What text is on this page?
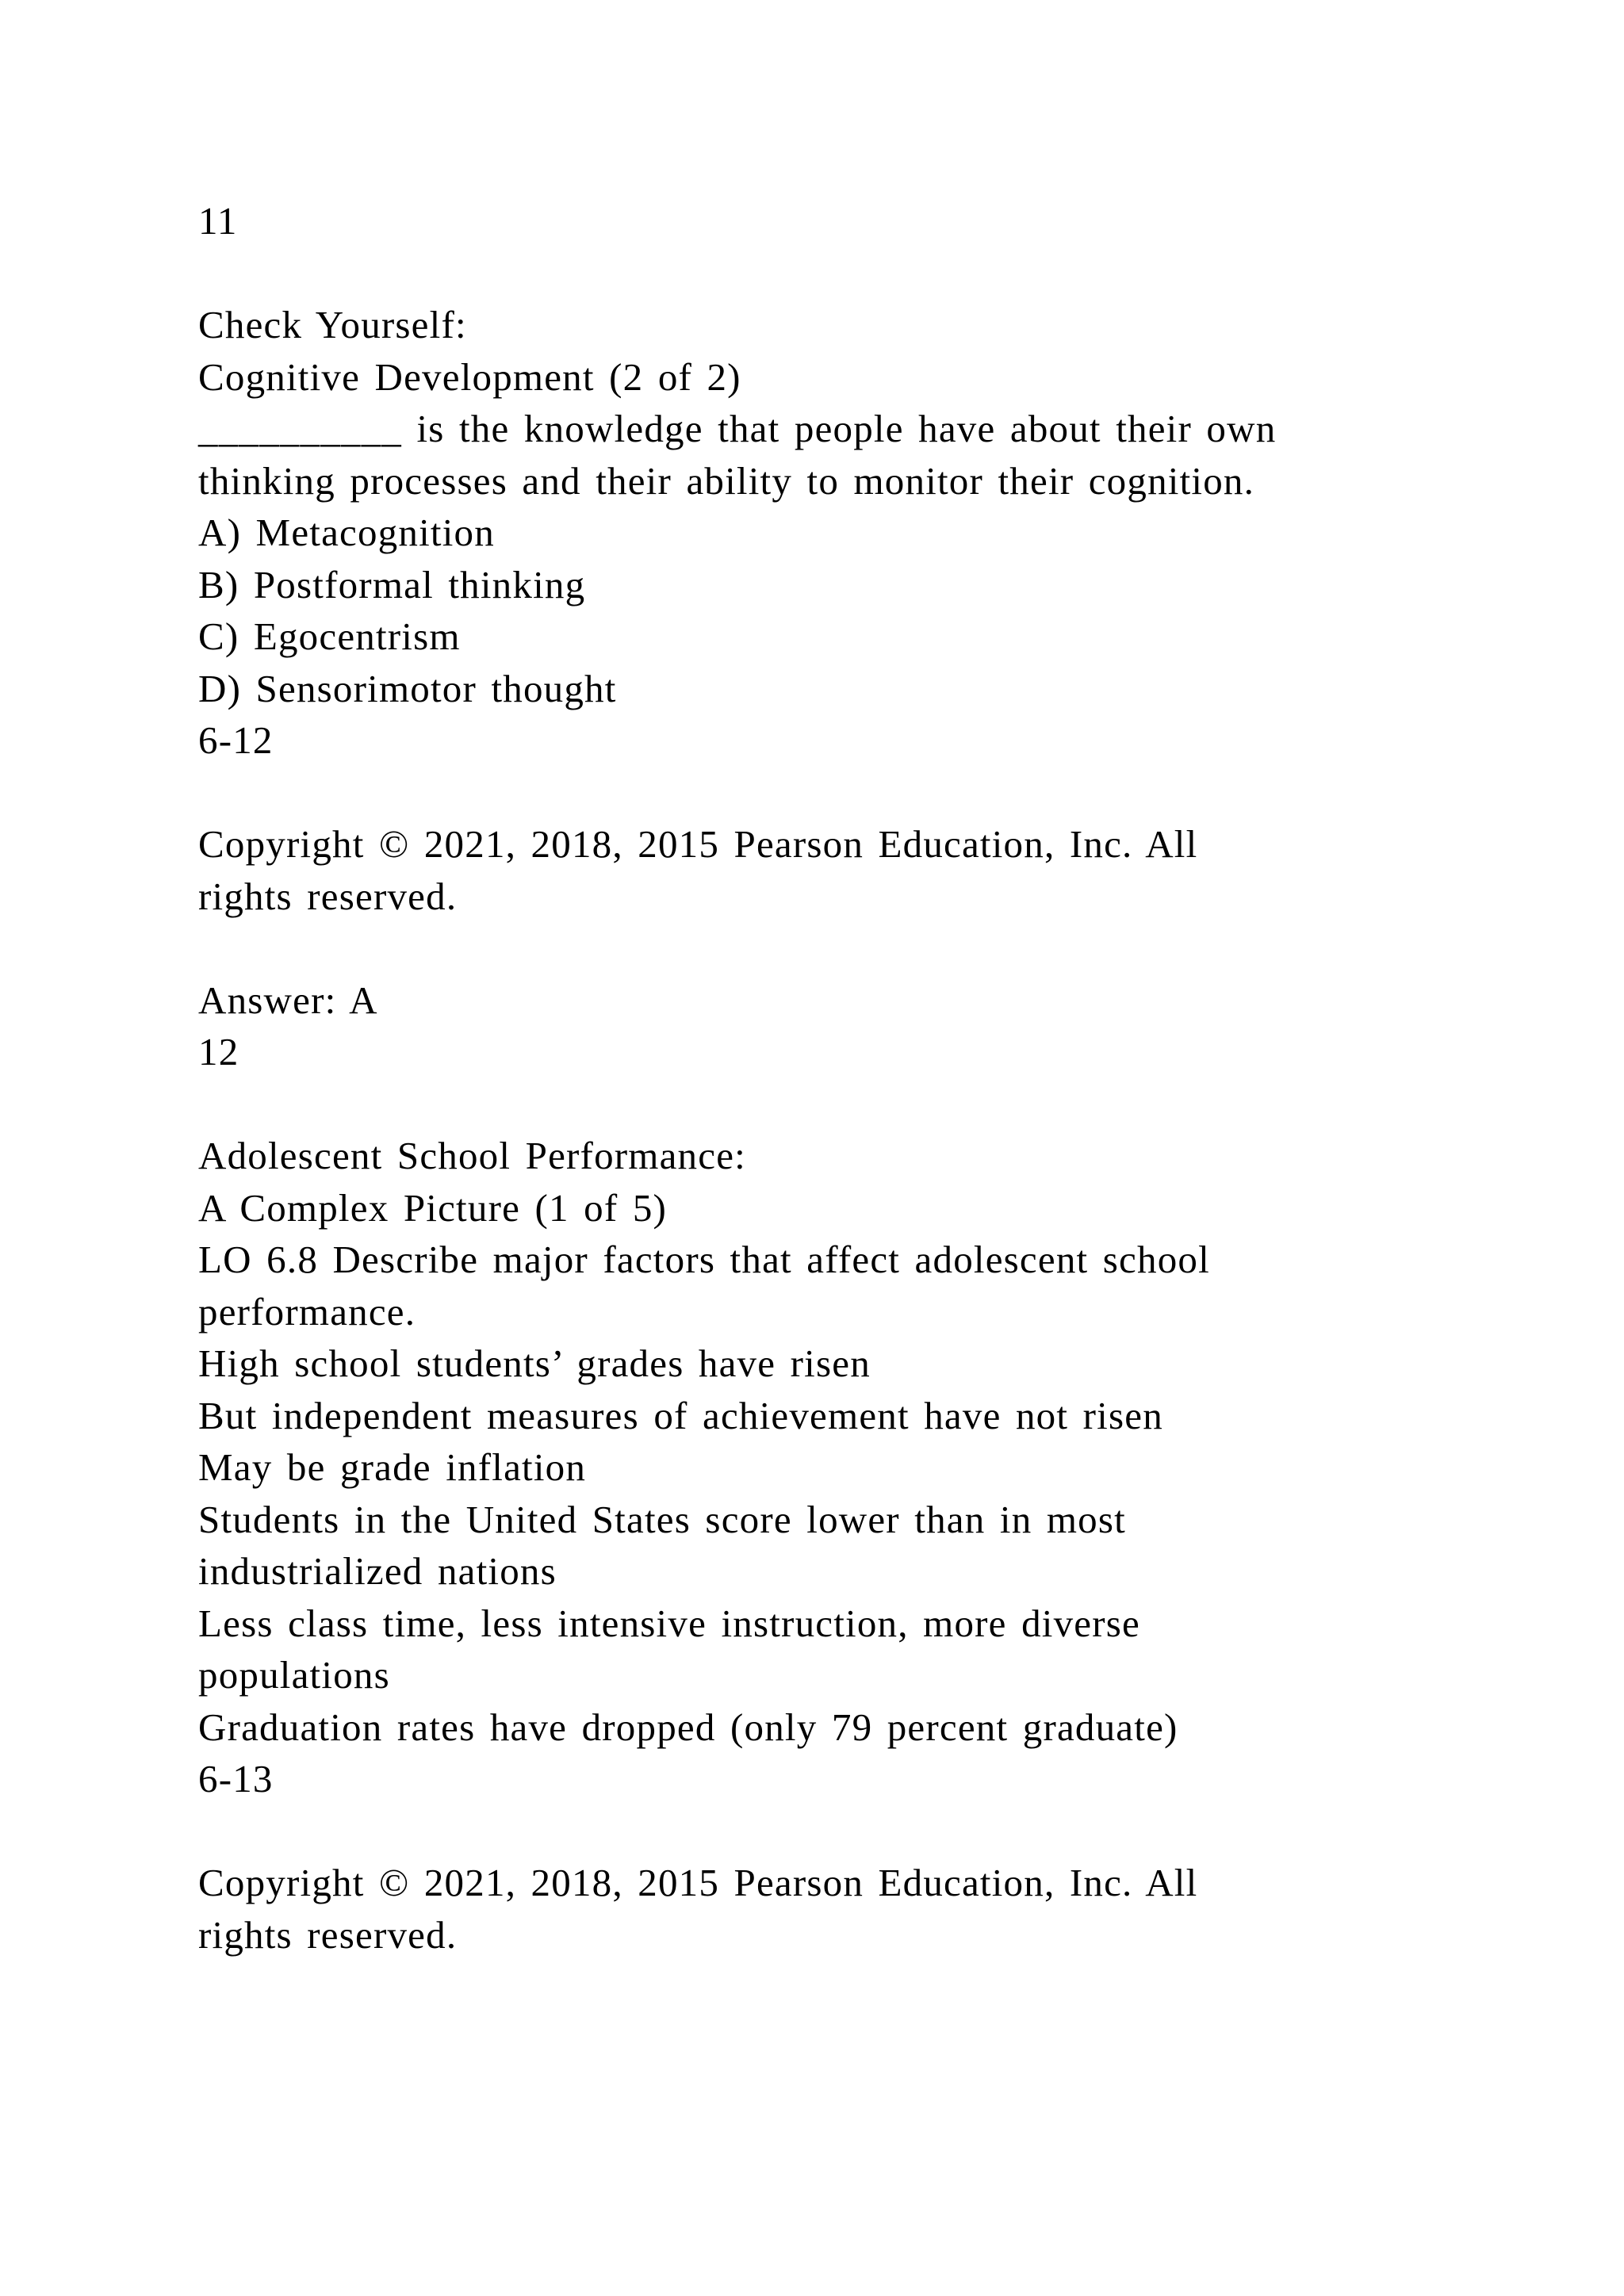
11
Check Yourself:
Cognitive Development (2 of 2)
__________ is the knowledge that people have about their own
thinking processes and their ability to monitor their cognition.
A) Metacognition
B) Postformal thinking
C) Egocentrism
D) Sensorimotor thought
6-12
Copyright © 2021, 2018, 2015 Pearson Education, Inc. All
rights reserved.
Answer: A
12
Adolescent School Performance:
A Complex Picture (1 of 5)
LO 6.8 Describe major factors that affect adolescent school
performance.
High school students’ grades have risen
But independent measures of achievement have not risen
May be grade inflation
Students in the United States score lower than in most
industrialized nations
Less class time, less intensive instruction, more diverse
populations
Graduation rates have dropped (only 79 percent graduate)
6-13
Copyright © 2021, 2018, 2015 Pearson Education, Inc. All
rights reserved.
